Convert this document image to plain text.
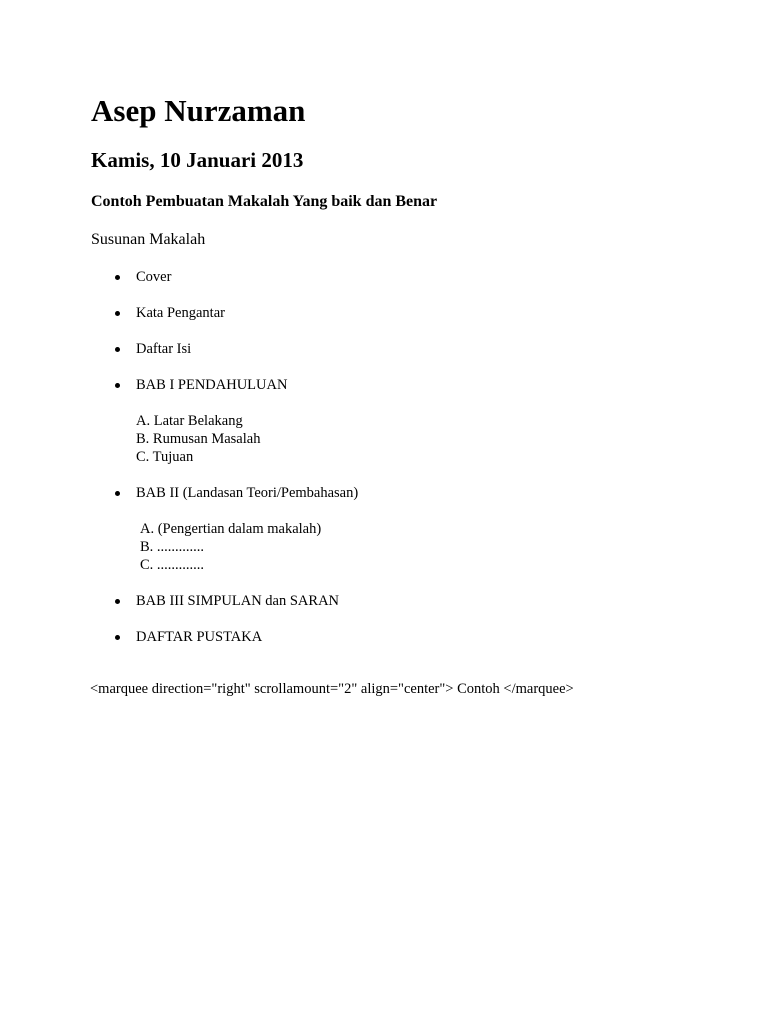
Asep Nurzaman
Kamis, 10 Januari 2013
Contoh Pembuatan Makalah Yang baik dan Benar

Susunan Makalah

Cover
Kata Pengantar
Daftar Isi
BAB I PENDAHULUAN
A. Latar Belakang
B. Rumusan Masalah
C. Tujuan
BAB II (Landasan Teori/Pembahasan)
A. (Pengertian dalam makalah)
B. .............
C. .............
BAB III SIMPULAN dan SARAN
DAFTAR PUSTAKA
<marquee direction="right" scrollamount="2" align="center"> Contoh </marquee>
